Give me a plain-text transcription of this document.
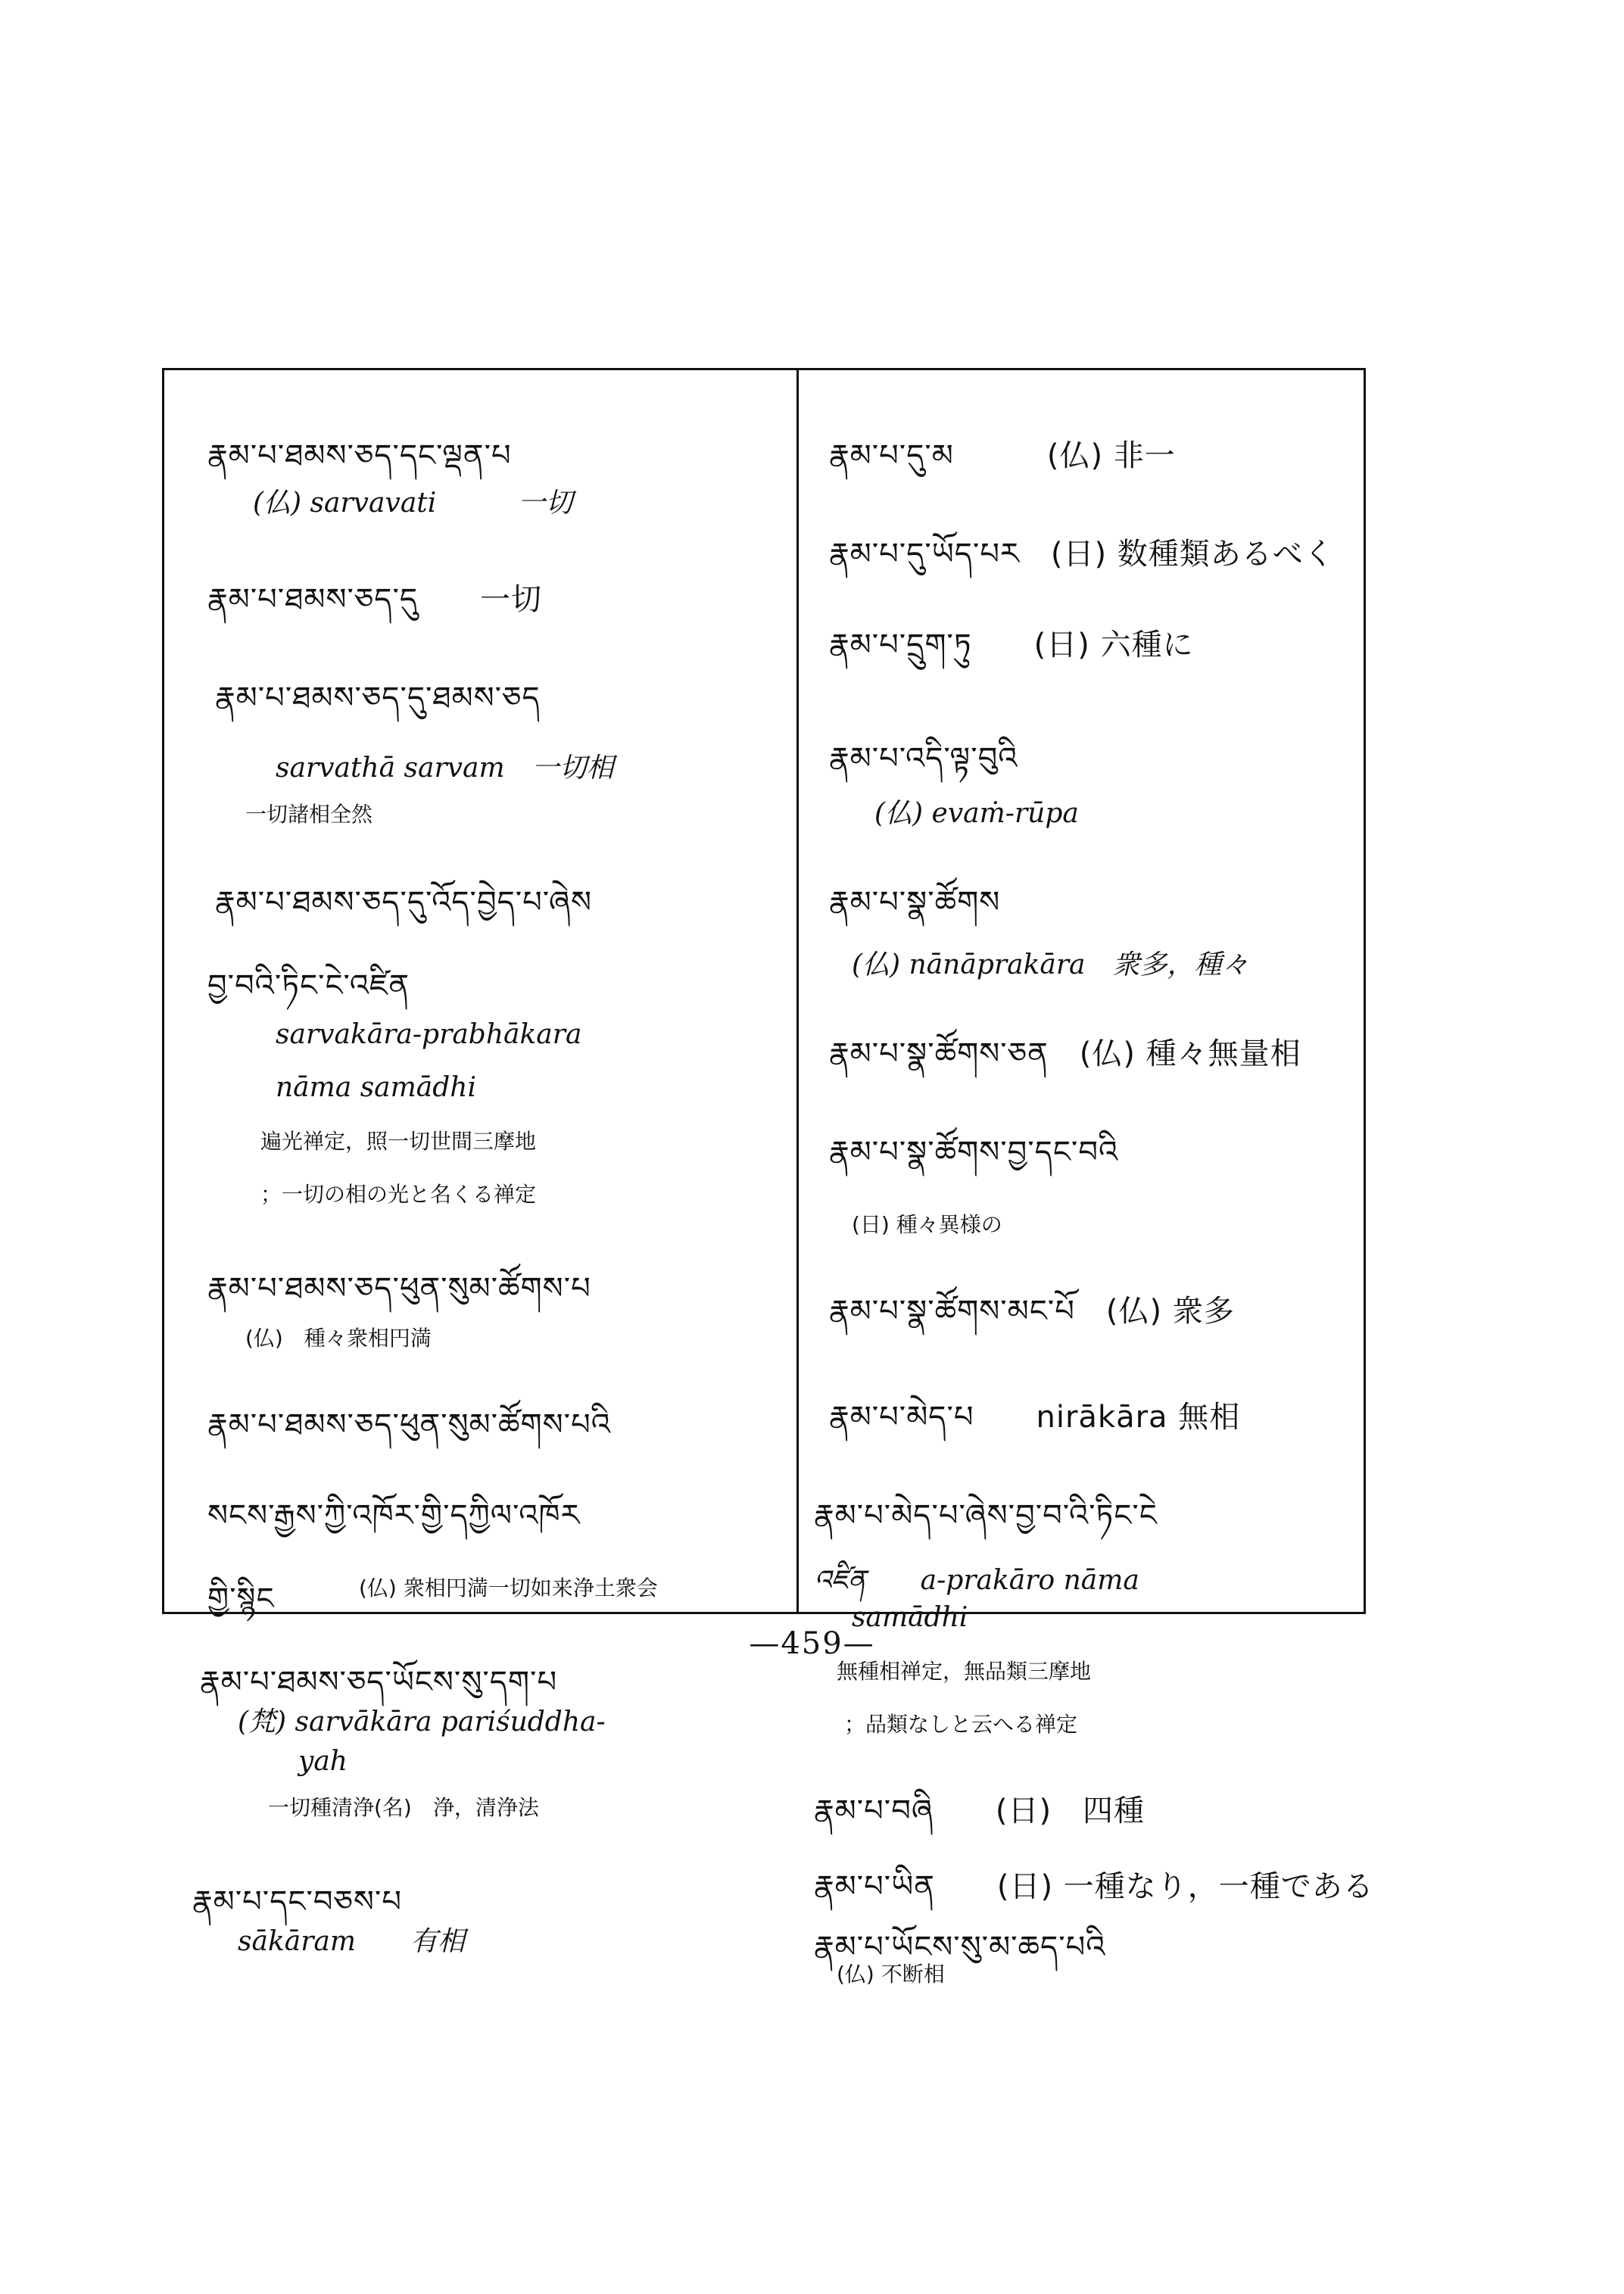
རྣམ་པ་ཐམས་ཅད་དང་ལྡན་པ
(仏) sarvavati　　　一切
རྣམ་པ་ཐམས་ཅད་དུ　　一切
རྣམ་པ་ཐམས་ཅད་དུ་ཐམས་ཅད
sarvathā sarvam　一切相
一切諸相全然
རྣམ་པ་ཐམས་ཅད་དུ་འོད་བྱེད་པ་ཞེས
བྱ་བའི་ཏིང་ངེ་འཛིན
sarvakāra-prabhākara
nāma samādhi
遍光禅定，照一切世間三摩地
；一切の相の光と名くる禅定
རྣམ་པ་ཐམས་ཅད་ཕུན་སུམ་ཚོགས་པ
(仏)　種々衆相円満
རྣམ་པ་ཐམས་ཅད་ཕུན་སུམ་ཚོགས་པའི
སངས་རྒྱས་ཀྱི་འཁོར་གྱི་དཀྱིལ་འཁོར
གྱི་སྙིང	(仏) 衆相円満一切如来浄土衆会
རྣམ་པ་ཐམས་ཅད་ཡོངས་སུ་དག་པ
(梵) sarvākāra pariśuddha-
yah
一切種清浄(名)　浄，清浄法
རྣམ་པ་དང་བཅས་པ
sākāram　　有相
རྣམ་པ་དུ་མ　　　(仏) 非一
རྣམ་པ་དུ་ཡོད་པར　(日) 数種類あるべく
རྣམ་པ་དྲུག་ཏུ　　(日) 六種に
རྣམ་པ་འདི་ལྟ་བུའི
(仏) evaṁ-rūpa
རྣམ་པ་སྣ་ཚོགས
(仏) nānāprakāra　衆多，種々
རྣམ་པ་སྣ་ཚོགས་ཅན　(仏) 種々無量相
རྣམ་པ་སྣ་ཚོགས་བྱ་དང་བའི
(日) 種々異様の
རྣམ་པ་སྣ་ཚོགས་མང་པོ　(仏) 衆多
རྣམ་པ་མེད་པ　　nirākāra 無相
རྣམ་པ་མེད་པ་ཞེས་བྱ་བ་འི་ཏིང་ངེ
འཛིན　　a-prakāro nāma
samādhi
無種相禅定，無品類三摩地
；品類なしと云へる禅定
རྣམ་པ་བཞི　　(日)　四種
རྣམ་པ་ཡིན　　(日) 一種なり，一種である
རྣམ་པ་ཡོངས་སུ་མ་ཆད་པའི
(仏) 不断相
—459—
